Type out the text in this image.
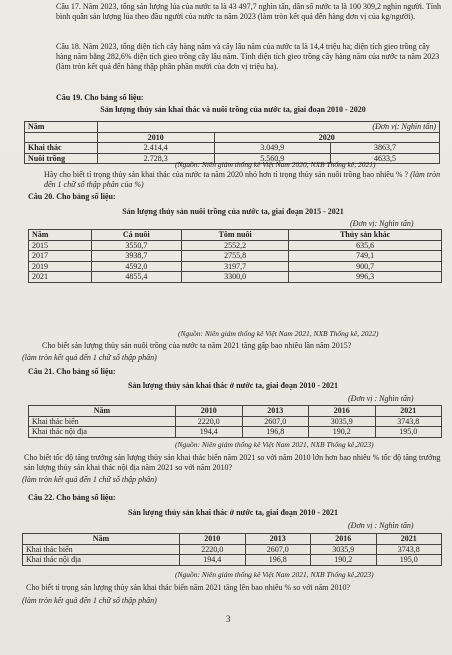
Câu 17. Năm 2023, tổng sản lượng lúa của nước ta là 43 497,7 nghìn tấn, dân số nước ta là 100 309,2 nghìn người. Tính bình quân sản lượng lúa theo đầu người của nước ta năm 2023 (làm tròn kết quả đến hàng đơn vị của kg/người).
Câu 18. Năm 2023, tổng diện tích cây hàng năm và cây lâu năm của nước ta là 14,4 triệu ha; diện tích gieo trồng cây hàng năm bằng 282,6% diện tích gieo trồng cây lâu năm. Tính diện tích gieo trồng cây hàng năm của nước ta năm 2023 (làm tròn kết quả đến hàng thập phân phần mười của đơn vị triệu ha).
Câu 19. Cho bảng số liệu:
Sản lượng thủy sản khai thác và nuôi trồng của nước ta, giai đoạn 2010 - 2020
Năm	(Đơn vị: Nghìn tấn)		
	2010	2020	
Khai thác	2.414,4	3.049,9	3863,7
Nuôi trồng	2.728,3	5.560,9	4633,5
(Nguồn: Niên giám thống kê Việt Nam 2020, NXB Thống kê, 2021)
Hãy cho biết tỉ trọng thủy sản khai thác của nước ta năm 2020 nhỏ hơn tỉ trọng thủy sản nuôi trồng bao nhiêu % ? (làm tròn đến 1 chữ số thập phân của %)
Câu 20. Cho bảng số liệu:
Sản lượng thủy sản nuôi trồng của nước ta, giai đoạn 2015 - 2021
(Đơn vị: Nghìn tấn)
Năm	Cá nuôi	Tôm nuôi	Thủy sản khác
2015	3550,7	2552,2	635,6
2017	3938,7	2755,8	749,1
2019	4592,0	3197,7	900,7
2021	4855,4	3300,0	996,3
(Nguồn: Niên giám thống kê Việt Nam 2021, NXB Thống kê, 2022)
Cho biết sản lượng thủy sản nuôi trồng của nước ta năm 2021 tăng gấp bao nhiêu lần năm 2015?
(làm tròn kết quả đến 1 chữ số thập phân)
Câu 21. Cho bảng số liệu:
Sản lượng thủy sản khai thác ở nước ta, giai đoạn 2010 - 2021
(Đơn vị : Nghìn tấn)
Năm	2010	2013	2016	2021
Khai thác biển	2220,0	2607,0	3035,9	3743,8
Khai thác nội địa	194,4	196,8	190,2	195,0
(Nguồn: Niên giám thống kê Việt Nam 2021, NXB Thống kê,2023)
Cho biết tốc độ tăng trưởng sản lượng thủy sản khai thác biển năm 2021 so với năm 2010 lớn hơn bao nhiêu % tốc độ tăng trưởng sản lượng thủy sản khai thác nội địa năm 2021 so với năm 2010?
(làm tròn kết quả đến 1 chữ số thập phân)
Câu 22. Cho bảng số liệu:
Sản lượng thủy sản khai thác ở nước ta, giai đoạn 2010 - 2021
(Đơn vị : Nghìn tấn)
Năm	2010	2013	2016	2021
Khai thác biển	2220,0	2607,0	3035,9	3743,8
Khai thác nội địa	194,4	196,8	190,2	195,0
(Nguồn: Niên giám thống kê Việt Nam 2021, NXB Thống kê,2023)
Cho biết tỉ trọng sản lượng thủy sản khai thác biển năm 2021 tăng lên bao nhiêu % so với năm 2010?
(làm tròn kết quả đến 1 chữ số thập phân)
3
